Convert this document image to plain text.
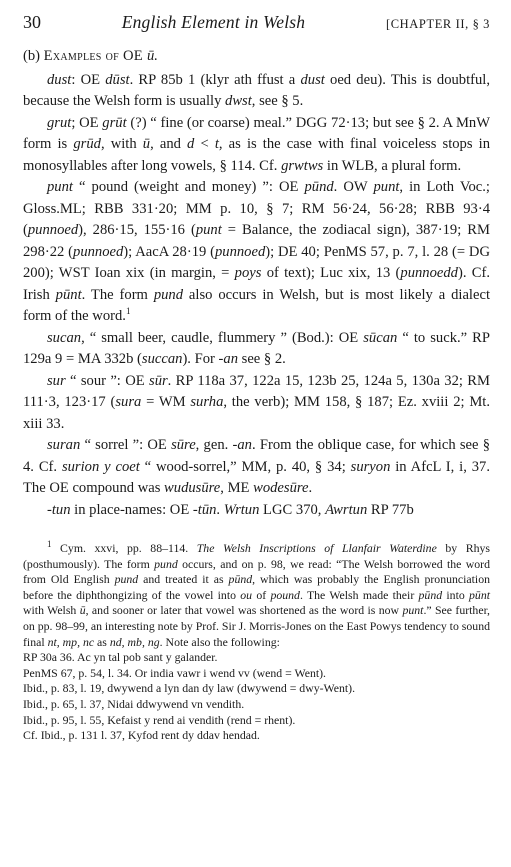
30	English Element in Welsh	[CHAPTER II, § 3

(b) Examples of OE ū.

dust: OE dūst. RP 85b 1 (klyr ath ffust a dust oed deu). This is doubtful, because the Welsh form is usually dwst, see § 5.

grut; OE grūt (?) “ fine (or coarse) meal.” DGG 72·13; but see § 2. A MnW form is grūd, with ū, and d < t, as is the case with final voiceless stops in monosyllables after long vowels, § 114. Cf. grwtws in WLB, a plural form.

punt “ pound (weight and money) ”: OE pūnd. OW punt, in Loth Voc.; Gloss.ML; RBB 331·20; MM p. 10, § 7; RM 56·24, 56·28; RBB 93·4 (punnoed), 286·15, 155·16 (punt = Balance, the zodiacal sign), 387·19; RM 298·22 (punnoed); AacA 28·19 (punnoed); DE 40; PenMS 57, p. 7, l. 28 (= DG 200); WST Ioan xix (in margin, = poys of text); Luc xix, 13 (punnoedd). Cf. Irish pūnt. The form pund also occurs in Welsh, but is most likely a dialect form of the word.$^1$

sucan, “ small beer, caudle, flummery ” (Bod.): OE sūcan “ to suck.” RP 129a 9 = MA 332b (succan). For -an see § 2.

sur “ sour ”: OE sūr. RP 118a 37, 122a 15, 123b 25, 124a 5, 130a 32; RM 111·3, 123·17 (sura = WM surha, the verb); MM 158, § 187; Ez. xviii 2; Mt. xiii 33.

suran “ sorrel ”: OE sūre, gen. -an. From the oblique case, for which see § 4. Cf. surion y coet “ wood-sorrel,” MM, p. 40, § 34; suryon in AfcL I, i, 37. The OE compound was wudusūre, ME wodesūre.

-tun in place-names: OE -tūn. Wrtun LGC 370, Awrtun RP 77b

$^1$ Cym. xxvi, pp. 88–114. The Welsh Inscriptions of Llanfair Waterdine by Rhys (posthumously). The form pund occurs, and on p. 98, we read: “The Welsh borrowed the word from Old English pund and treated it as pūnd, which was probably the English pronunciation before the diphthongizing of the vowel into ou of pound. The Welsh made their pūnd into pūnt with Welsh ū, and sooner or later that vowel was shortened as the word is now punt.” See further, on pp. 98–99, an interesting note by Prof. Sir J. Morris-Jones on the East Powys tendency to sound final nt, mp, nc as nd, mb, ng. Note also the following:

RP 30a 36. Ac yn tal pob sant y galander.

PenMS 67, p. 54, l. 34. Or india vawr i wend vv (wend = Went).

Ibid., p. 83, l. 19, dwywend a lyn dan dy law (dwywend = dwy-Went).

Ibid., p. 65, l. 37, Nidai ddwywend vn vendith.

Ibid., p. 95, l. 55, Kefaist y rend ai vendith (rend = rhent).

Cf. Ibid., p. 131 l. 37, Kyfod rent dy ddav hendad.
